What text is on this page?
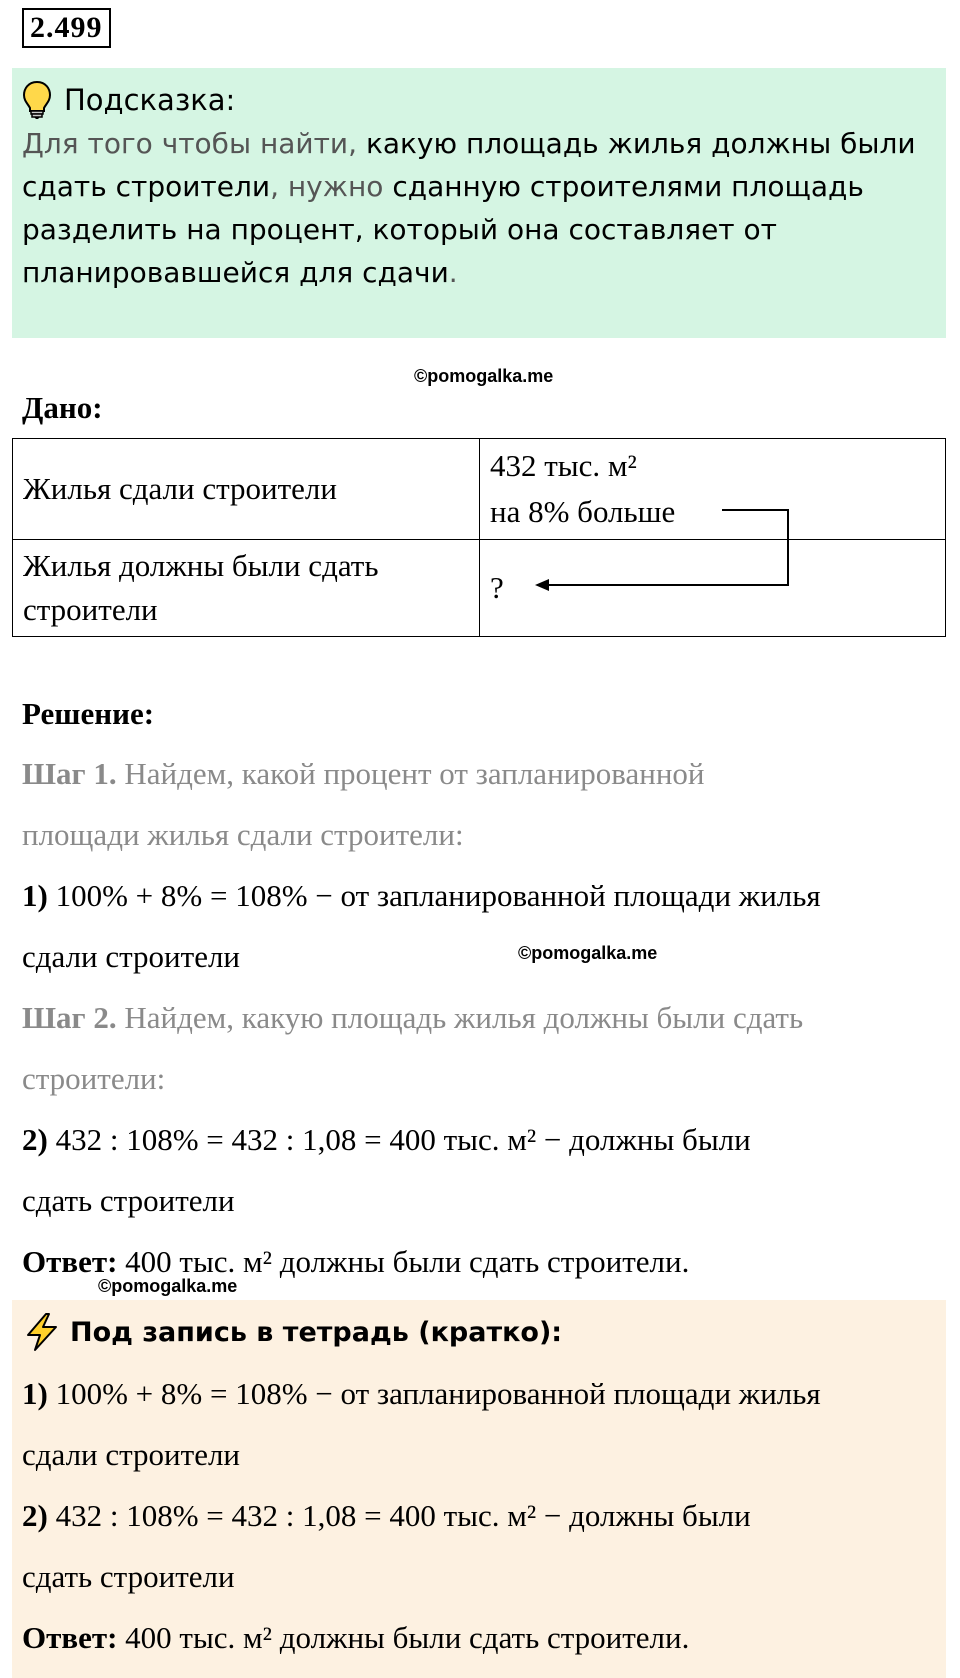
2.499
Подсказка:
Для того чтобы найти, какую площадь жилья должны были сдать строители, нужно сданную строителями площадь разделить на процент, который она составляет от планировавшейся для сдачи.
©pomogalka.me
Дано:
Жилья сдали строители	432 тыс. м²
на 8% больше

Жилья должны были сдать строители	?
Решение:
Шаг 1. Найдем, какой процент от запланированной
площади жилья сдали строители:
1) 100% + 8% = 108% − от запланированной площади жилья
сдали строители	©pomogalka.me
Шаг 2. Найдем, какую площадь жилья должны были сдать
строители:
2) 432 : 108% = 432 : 1,08 = 400 тыс. м² − должны были
сдать строители
Ответ: 400 тыс. м² должны были сдать строители.
©pomogalka.me
Под запись в тетрадь (кратко):
1) 100% + 8% = 108% − от запланированной площади жилья
сдали строители
2) 432 : 108% = 432 : 1,08 = 400 тыс. м² − должны были
сдать строители
Ответ: 400 тыс. м² должны были сдать строители.
